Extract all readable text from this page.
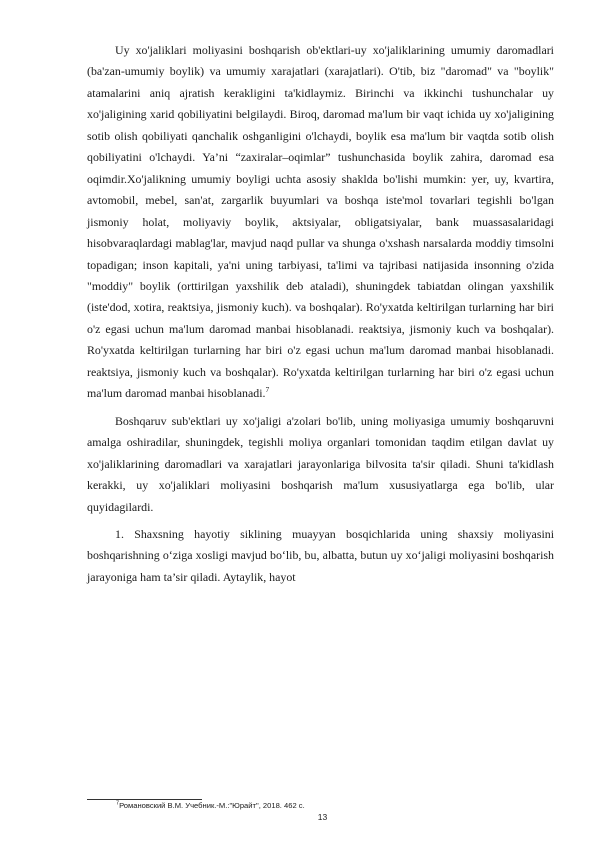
Uy xo'jaliklari moliyasini boshqarish ob'ektlari-uy xo'jaliklarining umumiy daromadlari (ba'zan-umumiy boylik) va umumiy xarajatlari (xarajatlari). O'tib, biz "daromad" va "boylik" atamalarini aniq ajratish kerakligini ta'kidlaymiz. Birinchi va ikkinchi tushunchalar uy xo'jaligining xarid qobiliyatini belgilaydi. Biroq, daromad ma'lum bir vaqt ichida uy xo'jaligining sotib olish qobiliyati qanchalik oshganligini o'lchaydi, boylik esa ma'lum bir vaqtda sotib olish qobiliyatini o'lchaydi. Ya’ni “zaxiralar–oqimlar” tushunchasida boylik zahira, daromad esa oqimdir.Xo'jalikning umumiy boyligi uchta asosiy shaklda bo'lishi mumkin: yer, uy, kvartira, avtomobil, mebel, san'at, zargarlik buyumlari va boshqa iste'mol tovarlari tegishli bo'lgan jismoniy holat, moliyaviy boylik, aktsiyalar, obligatsiyalar, bank muassasalaridagi hisobvaraqlardagi mablag'lar, mavjud naqd pullar va shunga o'xshash narsalarda moddiy timsolni topadigan; inson kapitali, ya'ni uning tarbiyasi, ta'limi va tajribasi natijasida insonning o'zida "moddiy" boylik (orttirilgan yaxshilik deb ataladi), shuningdek tabiatdan olingan yaxshilik (iste'dod, xotira, reaktsiya, jismoniy kuch). va boshqalar). Ro'yxatda keltirilgan turlarning har biri o'z egasi uchun ma'lum daromad manbai hisoblanadi. reaktsiya, jismoniy kuch va boshqalar). Ro'yxatda keltirilgan turlarning har biri o'z egasi uchun ma'lum daromad manbai hisoblanadi. reaktsiya, jismoniy kuch va boshqalar). Ro'yxatda keltirilgan turlarning har biri o'z egasi uchun ma'lum daromad manbai hisoblanadi.$^7$

Boshqaruv sub'ektlari uy xo'jaligi a'zolari bo'lib, uning moliyasiga umumiy boshqaruvni amalga oshiradilar, shuningdek, tegishli moliya organlari tomonidan taqdim etilgan davlat uy xo'jaliklarining daromadlari va xarajatlari jarayonlariga bilvosita ta'sir qiladi. Shuni ta'kidlash kerakki, uy xo'jaliklari moliyasini boshqarish ma'lum xususiyatlarga ega bo'lib, ular quyidagilardi.

1. Shaxsning hayotiy siklining muayyan bosqichlarida uning shaxsiy moliyasini boshqarishning o‘ziga xosligi mavjud bo‘lib, bu, albatta, butun uy xo‘jaligi moliyasini boshqarish jarayoniga ham ta’sir qiladi. Aytaylik, hayot

$^7$Романовский В.М. Учебник.-М.:"Юрайт", 2018. 462 с.
13
